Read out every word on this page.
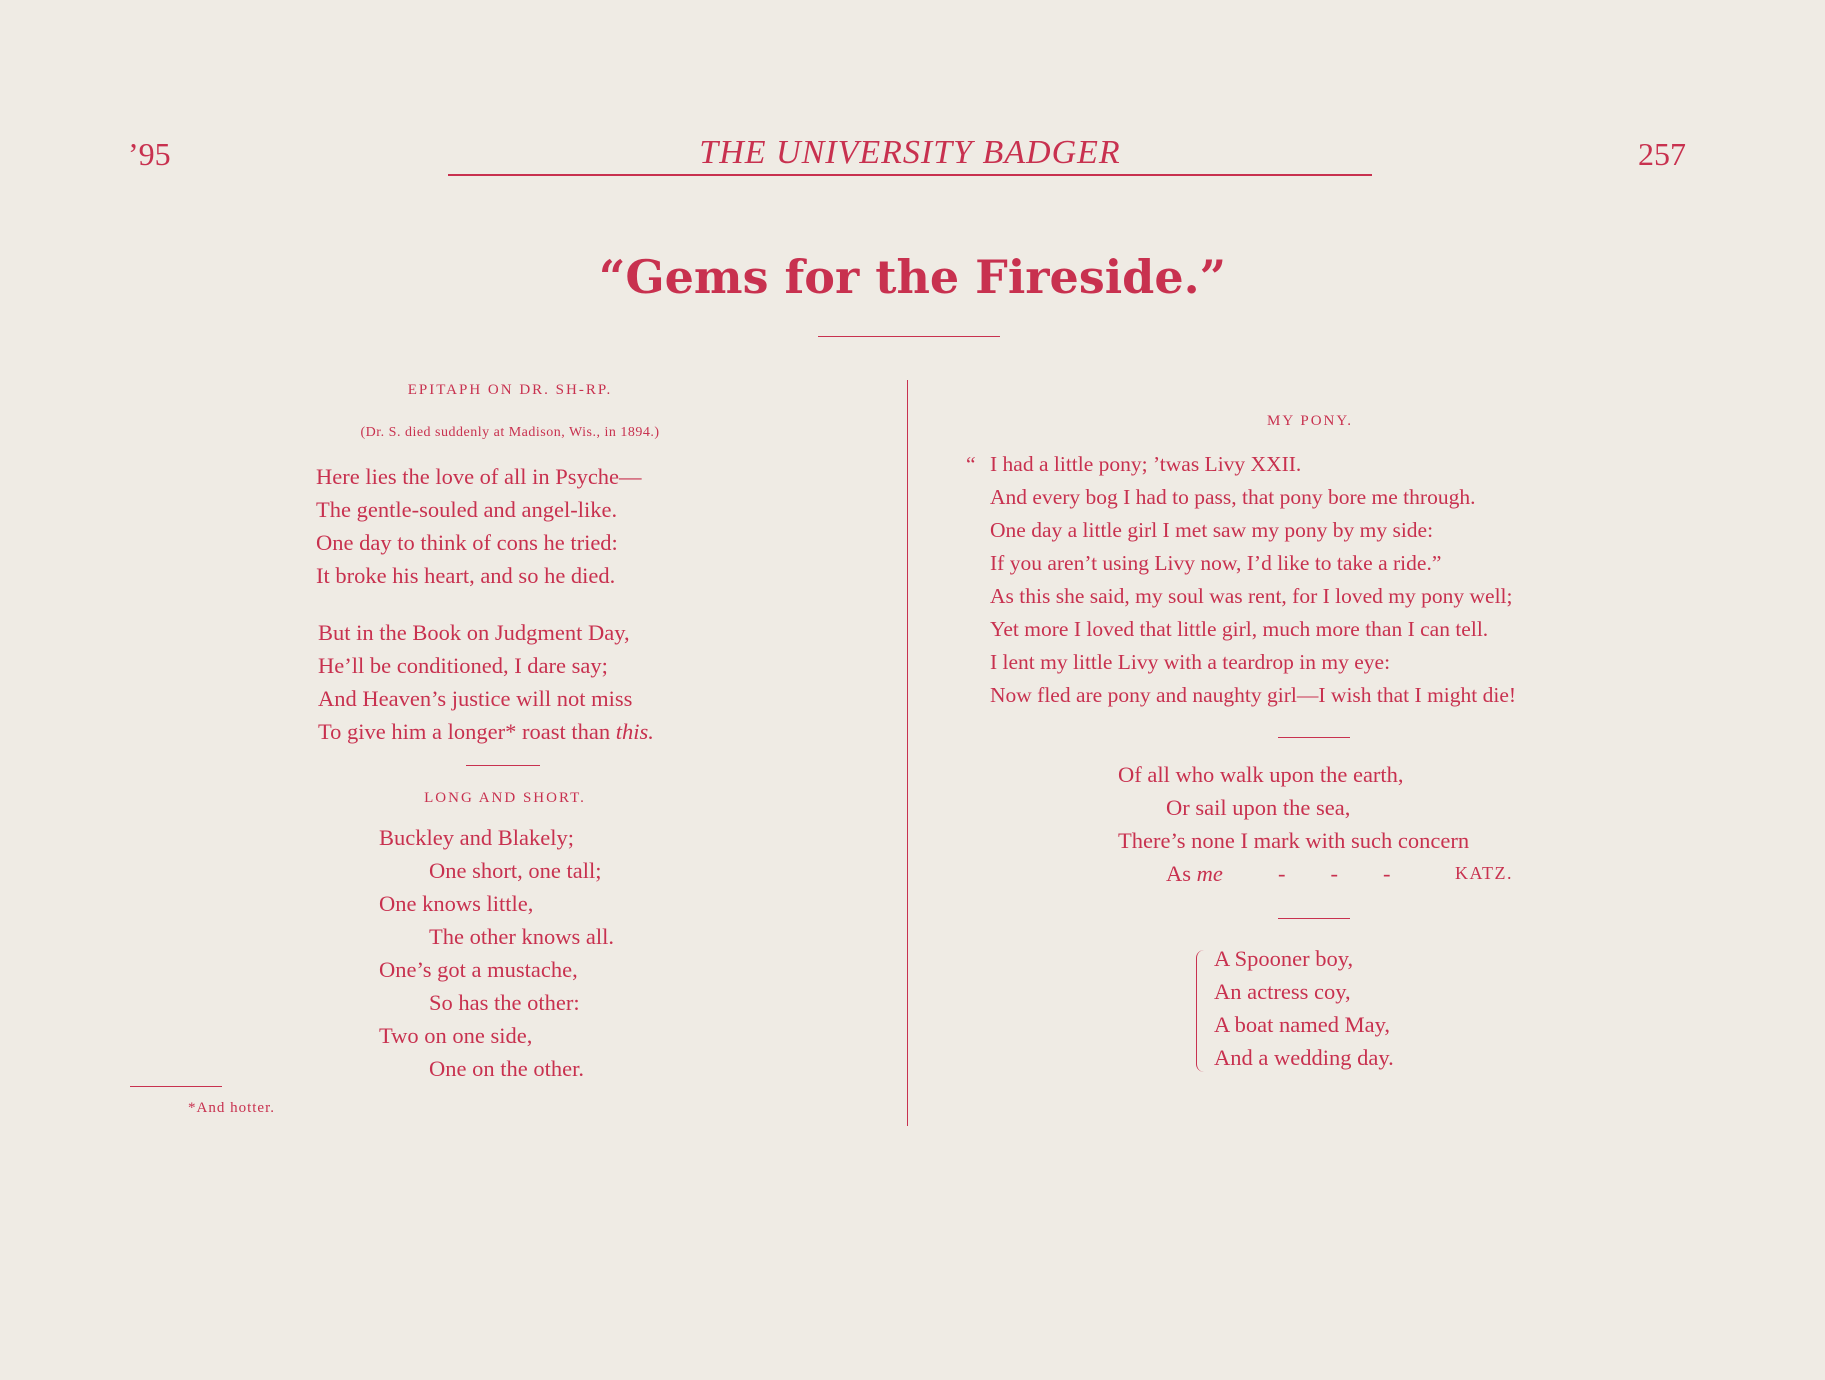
’95	THE UNIVERSITY BADGER	257
“Gems for the Fireside.”
EPITAPH ON DR. SH-RP.
(Dr. S. died suddenly at Madison, Wis., in 1894.)
Here lies the love of all in Psyche—
The gentle-souled and angel-like.
One day to think of cons he tried:
It broke his heart, and so he died.
But in the Book on Judgment Day,
He’ll be conditioned, I dare say;
And Heaven’s justice will not miss
To give him a longer* roast than this.
LONG AND SHORT.
Buckley and Blakely;
One short, one tall;
One knows little,
The other knows all.
One’s got a mustache,
So has the other:
Two on one side,
One on the other.
*And hotter.
MY PONY.
“ I had a little pony; ’twas Livy XXII.
And every bog I had to pass, that pony bore me through.
One day a little girl I met saw my pony by my side:
If you aren’t using Livy now, I’d like to take a ride.”
As this she said, my soul was rent, for I loved my pony well;
Yet more I loved that little girl, much more than I can tell.
I lent my little Livy with a teardrop in my eye:
Now fled are pony and naughty girl—I wish that I might die!
Of all who walk upon the earth,
Or sail upon the sea,
There’s none I mark with such concern
As me -        -        -	KATZ.
A Spooner boy,
An actress coy,
A boat named May,
And a wedding day.
